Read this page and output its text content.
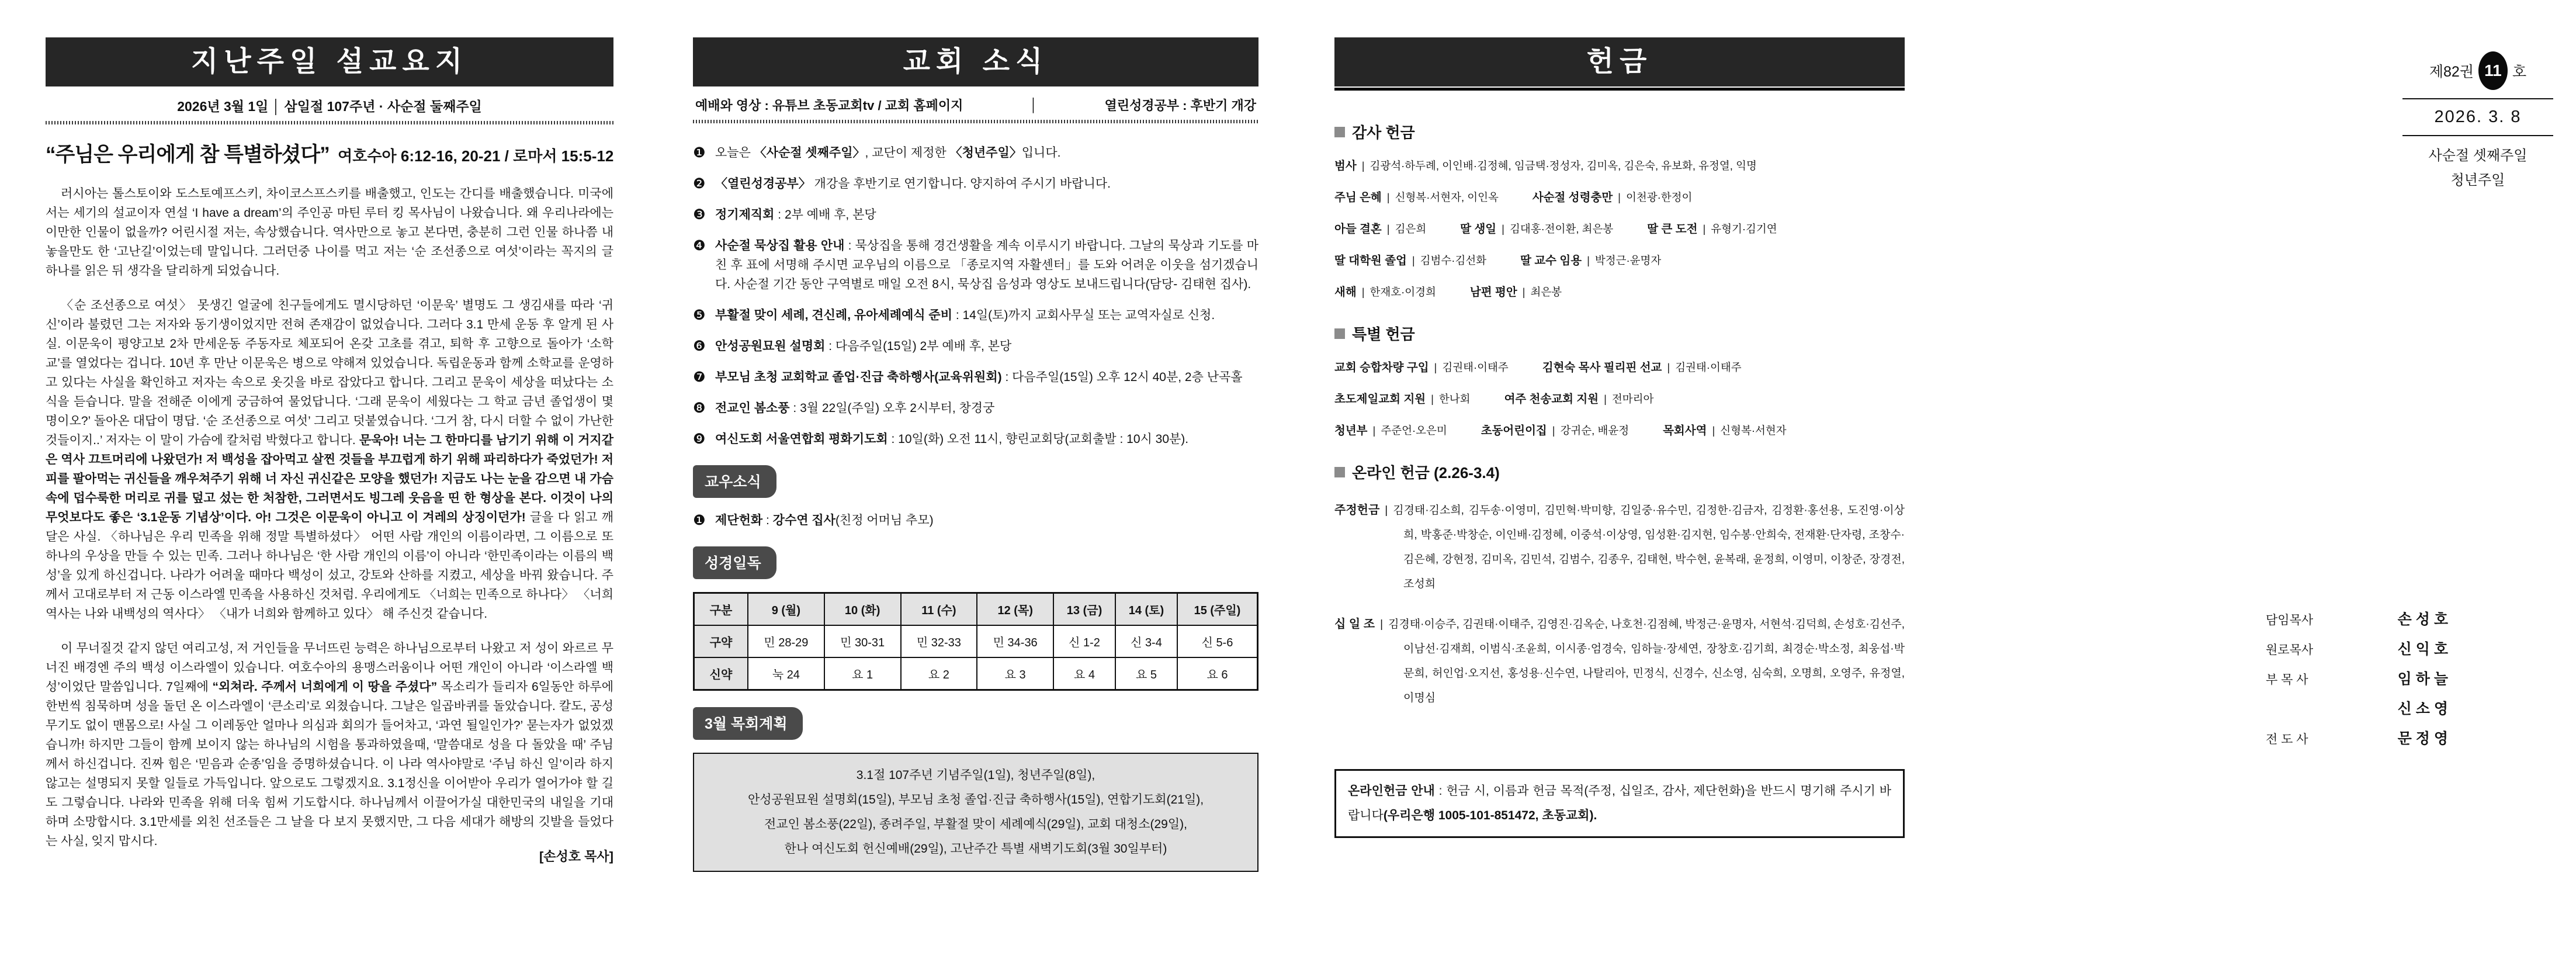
지난주일 설교요지
2026년 3월 1일 │ 삼일절 107주년 · 사순절 둘째주일
“주님은 우리에게 참 특별하셨다” 여호수아 6:12-16, 20-21 / 로마서 15:5-12
러시아는 톨스토이와 도스토예프스키, 차이코스프스키를 배출했고, 인도는 간디를 배출했습니다. 미국에서는 세기의 설교이자 연설 ‘I have a dream’의 주인공 마틴 루터 킹 목사님이 나왔습니다. 왜 우리나라에는 이만한 인물이 없을까? 어린시절 저는, 속상했습니다. 역사만으로 놓고 본다면, 충분히 그런 인물 하나쯤 내놓을만도 한 ‘고난길’이었는데 말입니다. 그러던중 나이를 먹고 저는 ‘순 조선종으로 여섯’이라는 꼭지의 글 하나를 읽은 뒤 생각을 달리하게 되었습니다.
〈순 조선종으로 여섯〉 못생긴 얼굴에 친구들에게도 멸시당하던 ‘이문욱’ 별명도 그 생김새를 따라 ‘귀신’이라 불렸던 그는 저자와 동기생이었지만 전혀 존재감이 없었습니다. 그러다 3.1 만세 운동 후 알게 된 사실. 이문욱이 평양고보 2차 만세운동 주동자로 체포되어 온갖 고초를 겪고, 퇴학 후 고향으로 돌아가 ‘소학교’를 열었다는 겁니다. 10년 후 만난 이문욱은 병으로 약해져 있었습니다. 독립운동과 함께 소학교를 운영하고 있다는 사실을 확인하고 저자는 속으로 옷깃을 바로 잡았다고 합니다. 그리고 문욱이 세상을 떠났다는 소식을 듣습니다. 말을 전해준 이에게 궁금하여 물었답니다. ‘그래 문욱이 세웠다는 그 학교 금년 졸업생이 몇 명이오?’ 돌아온 대답이 명답. ‘순 조선종으로 여섯’ 그리고 덧붙였습니다. ‘그거 참, 다시 더할 수 없이 가난한 것들이지..’ 저자는 이 말이 가슴에 칼처럼 박혔다고 합니다. 문욱아! 너는 그 한마디를 남기기 위해 이 거지같은 역사 끄트머리에 나왔던가! 저 백성을 잡아먹고 살찐 것들을 부끄럽게 하기 위해 파리하다가 죽었던가! 저 피를 팔아먹는 귀신들을 깨우쳐주기 위해 너 자신 귀신같은 모양을 했던가! 지금도 나는 눈을 감으면 내 가슴속에 덥수룩한 머리로 귀를 덮고 섰는 한 처참한, 그러면서도 빙그레 웃음을 띤 한 형상을 본다. 이것이 나의 무엇보다도 좋은 ‘3.1운동 기념상’이다. 아! 그것은 이문욱이 아니고 이 겨레의 상징이던가! 글을 다 읽고 깨달은 사실. 〈하나님은 우리 민족을 위해 정말 특별하셨다〉 어떤 사람 개인의 이름이라면, 그 이름으로 또 하나의 우상을 만들 수 있는 민족. 그러나 하나님은 ‘한 사람 개인의 이름’이 아니라 ‘한민족이라는 이름의 백성’을 있게 하신겁니다. 나라가 어려울 때마다 백성이 섰고, 강토와 산하를 지켰고, 세상을 바꿔 왔습니다. 주께서 고대로부터 저 근동 이스라엘 민족을 사용하신 것처럼. 우리에게도 〈너희는 민족으로 하나다〉 〈너희역사는 나와 내백성의 역사다〉 〈내가 너희와 함께하고 있다〉 해 주신것 같습니다.
이 무너질것 같지 않던 여리고성, 저 거인들을 무너뜨린 능력은 하나님으로부터 나왔고 저 성이 와르르 무너진 배경엔 주의 백성 이스라엘이 있습니다. 여호수아의 용맹스러움이나 어떤 개인이 아니라 ‘이스라엘 백성’이었단 말씀입니다. 7일째에 “외쳐라. 주께서 너희에게 이 땅을 주셨다” 목소리가 들리자 6일동안 하루에 한번씩 침묵하며 성을 돌던 온 이스라엘이 ‘큰소리’로 외쳤습니다. 그날은 일곱바퀴를 돌았습니다. 칼도, 공성무기도 없이 맨몸으로! 사실 그 이레동안 얼마나 의심과 회의가 들어차고, ‘과연 될일인가?’ 묻는자가 없었겠습니까! 하지만 그들이 함께 보이지 않는 하나님의 시험을 통과하였을때, ‘말씀대로 성을 다 돌았을 때’ 주님께서 하신겁니다. 진짜 힘은 ‘믿음과 순종’임을 증명하셨습니다. 이 나라 역사야말로 ‘주님 하신 일’이라 하지 않고는 설명되지 못할 일들로 가득입니다. 앞으로도 그렇겠지요. 3.1정신을 이어받아 우리가 열어가야 할 길도 그렇습니다. 나라와 민족을 위해 더욱 힘써 기도합시다. 하나님께서 이끌어가실 대한민국의 내일을 기대하며 소망합시다. 3.1만세를 외친 선조들은 그 날을 다 보지 못했지만, 그 다음 세대가 해방의 깃발을 들었다는 사실, 잊지 맙시다.
[손성호 목사]
교회 소식
예배와 영상 : 유튜브 초동교회tv / 교회 홈페이지	│	열린성경공부 : 후반기 개강
❶ 오늘은 〈사순절 셋째주일〉, 교단이 제정한 〈청년주일〉입니다.
❷ 〈열린성경공부〉 개강을 후반기로 연기합니다. 양지하여 주시기 바랍니다.
❸ 정기제직회 : 2부 예배 후, 본당
❹ 사순절 묵상집 활용 안내 : 묵상집을 통해 경건생활을 계속 이루시기 바랍니다. 그날의 묵상과 기도를 마친 후 표에 서명해 주시면 교우님의 이름으로 「종로지역 자활센터」를 도와 어려운 이웃을 섬기겠습니다. 사순절 기간 동안 구역별로 매일 오전 8시, 묵상집 음성과 영상도 보내드립니다(담당- 김태현 집사).
❺ 부활절 맞이 세례, 견신례, 유아세례예식 준비 : 14일(토)까지 교회사무실 또는 교역자실로 신청.
❻ 안성공원묘원 설명회 : 다음주일(15일) 2부 예배 후, 본당
❼ 부모님 초청 교회학교 졸업·진급 축하행사(교육위원회) : 다음주일(15일) 오후 12시 40분, 2층 난곡홀
❽ 전교인 봄소풍 : 3월 22일(주일) 오후 2시부터, 창경궁
❾ 여신도회 서울연합회 평화기도회 : 10일(화) 오전 11시, 향린교회당(교회출발 : 10시 30분).
교우소식
❶ 제단헌화 : 강수연 집사(친정 어머님 추모)
성경일독
구분	9 (월)	10 (화)	11 (수)	12 (목)	13 (금)	14 (토)	15 (주일)
구약	민 28-29	민 30-31	민 32-33	민 34-36	신 1-2	신 3-4	신 5-6
신약	눅 24	요 1	요 2	요 3	요 4	요 5	요 6
3월 목회계획
3.1절 107주년 기념주일(1일), 청년주일(8일),
안성공원묘원 설명회(15일), 부모님 초청 졸업·진급 축하행사(15일), 연합기도회(21일),
전교인 봄소풍(22일), 종려주일, 부활절 맞이 세례예식(29일), 교회 대청소(29일),
한나 여신도회 헌신예배(29일), 고난주간 특별 새벽기도회(3월 30일부터)
헌금
감사 헌금
범사 | 김광석·하두례, 이인배·김정혜, 임금택·정성자, 김미옥, 김은숙, 유보화, 유정열, 익명
주님 은혜 | 신형복·서현자, 이인옥	사순절 성령충만 | 이천광·한정이
아들 결혼 | 김은희	딸 생일 | 김대홍·전이환, 최은봉	딸 큰 도전 | 유형기·김기연
딸 대학원 졸업 | 김범수·김선화	딸 교수 임용 | 박정근·윤명자
새해 | 한재호·이경희	남편 평안 | 최은봉
특별 헌금
교회 승합차량 구입 | 김권태·이태주	김현숙 목사 필리핀 선교 | 김권태·이태주
초도제일교회 지원 | 한나회	여주 천송교회 지원 | 전마리아
청년부 | 주준언·오은미	초동어린이집 | 강귀순, 배윤정	목회사역 | 신형복·서현자
온라인 헌금 (2.26-3.4)
주정헌금 | 김경태·김소희, 김두송·이영미, 김민혁·박미향, 김일중·유수민, 김정한·김금자, 김정환·홍선용, 도진영·이상희, 박홍준·박창순, 이인배·김정혜, 이중석·이상영, 임성환·김지현, 임수봉·안희숙, 전재환·단자령, 조창수·김은혜, 강현정, 김미옥, 김민석, 김범수, 김종우, 김태현, 박수현, 윤복래, 윤정희, 이영미, 이창준, 장경전, 조성희
십 일 조 | 김경태·이승주, 김권태·이태주, 김영진·김옥순, 나호천·김점혜, 박정근·윤명자, 서현석·김덕희, 손성호·김선주, 이남선·김재희, 이범식·조윤희, 이시종·엄경숙, 임하늘·장세연, 장창호·김기희, 최경순·박소정, 최웅섭·박문희, 허인업·오지선, 홍성용·신수연, 나탈리아, 민정식, 신경수, 신소영, 심숙희, 오명희, 오영주, 유정열, 이명심
온라인헌금 안내 : 헌금 시, 이름과 헌금 목적(주정, 십일조, 감사, 제단헌화)을 반드시 명기해 주시기 바랍니다(우리은행 1005-101-851472, 초동교회).
제82권 11 호
2026. 3. 8
사순절 셋째주일
청년주일
담임목사	손 성 호
원로목사	신 익 호
부 목 사	임 하 늘
신 소 영
전 도 사	문 정 영
